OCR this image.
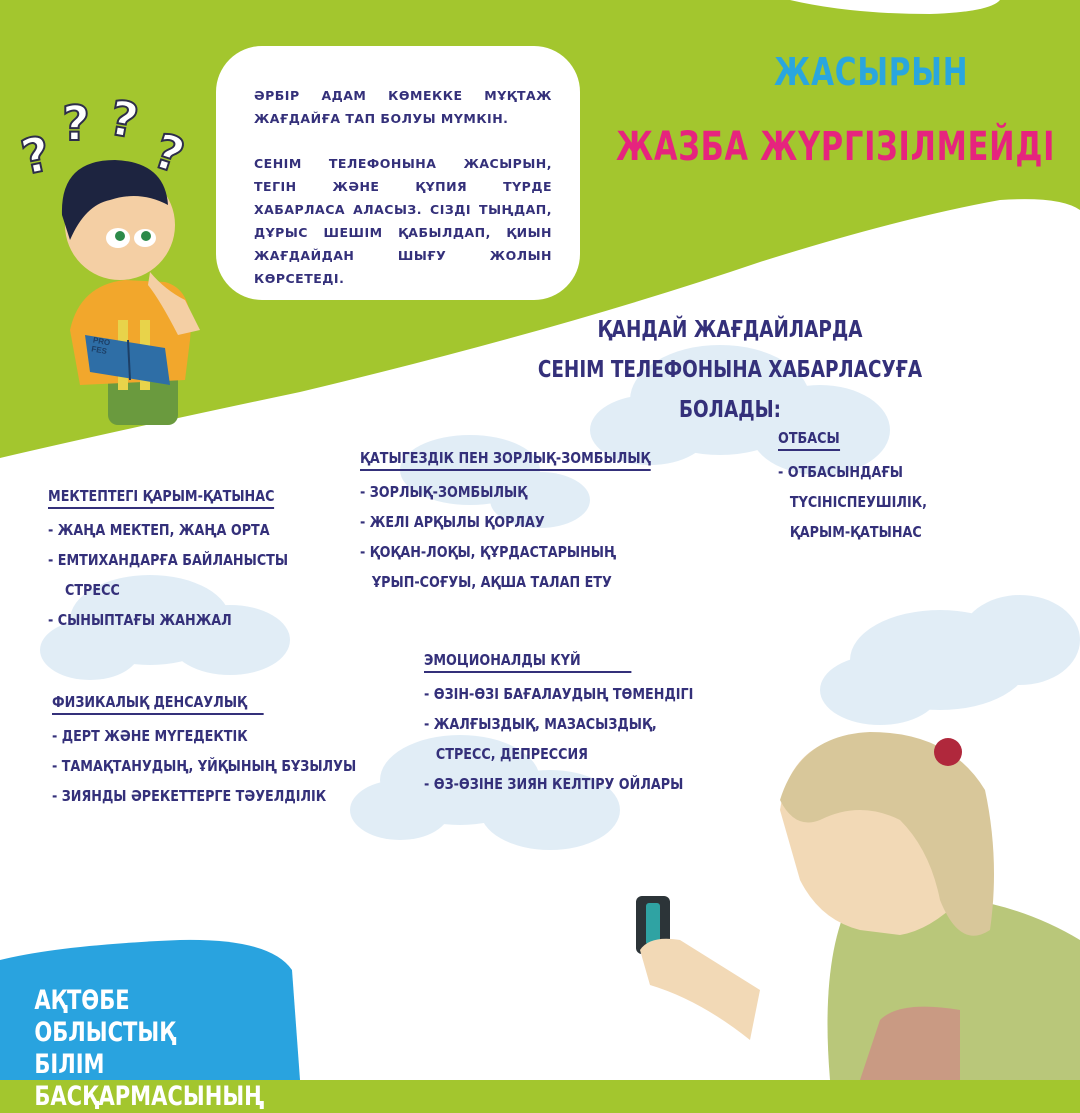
?
? ?
?
PRO FES

ӘРБІР АДАМ КӨМЕККЕ МҰҚТАЖ ЖАҒДАЙҒА ТАП БОЛУЫ МҮМКІН.

СЕНІМ ТЕЛЕФОНЫНА ЖАСЫРЫН, ТЕГІН ЖӘНЕ ҚҰПИЯ ТҮРДЕ ХАБАРЛАСА АЛАСЫЗ. СІЗДІ ТЫҢДАП, ДҰРЫС ШЕШІМ ҚАБЫЛДАП, ҚИЫН ЖАҒДАЙДАН ШЫҒУ ЖОЛЫН КӨРСЕТЕДІ.

ЖАСЫРЫН
ЖАЗБА ЖҮРГІЗІЛМЕЙДІ
ҚАНДАЙ ЖАҒДАЙЛАРДА
СЕНІМ ТЕЛЕФОНЫНА ХАБАРЛАСУҒА БОЛАДЫ:
МЕКТЕПТЕГІ ҚАРЫМ-ҚАТЫНАС
- ЖАҢА МЕКТЕП, ЖАҢА ОРТА
- ЕМТИХАНДАРҒА БАЙЛАНЫСТЫ
СТРЕСС
- СЫНЫПТАҒЫ ЖАНЖАЛ
ҚАТЫГЕЗДІК ПЕН ЗОРЛЫҚ-ЗОМБЫЛЫҚ
- ЗОРЛЫҚ-ЗОМБЫЛЫҚ
- ЖЕЛІ АРҚЫЛЫ ҚОРЛАУ
- ҚОҚАН-ЛОҚЫ, ҚҰРДАСТАРЫНЫҢ
ҰРЫП-СОҒУЫ, АҚША ТАЛАП ЕТУ
ОТБАСЫ
- ОТБАСЫНДАҒЫ
ТҮСІНІСПЕУШІЛІК,
ҚАРЫМ-ҚАТЫНАС
ФИЗИКАЛЫҚ ДЕНСАУЛЫҚ
- ДЕРТ ЖӘНЕ МҮГЕДЕКТІК
- ТАМАҚТАНУДЫҢ, ҰЙҚЫНЫҢ БҰЗЫЛУЫ
- ЗИЯНДЫ ӘРЕКЕТТЕРГЕ ТӘУЕЛДІЛІК
ЭМОЦИОНАЛДЫ КҮЙ
- ӨЗІН-ӨЗІ БАҒАЛАУДЫҢ ТӨМЕНДІГІ
- ЖАЛҒЫЗДЫҚ, МАЗАСЫЗДЫҚ,
СТРЕСС, ДЕПРЕССИЯ
- ӨЗ-ӨЗІНЕ ЗИЯН КЕЛТІРУ ОЙЛАРЫ
АҚТӨБЕ ОБЛЫСТЫҚ
БІЛІМ БАСҚАРМАСЫНЫҢ
